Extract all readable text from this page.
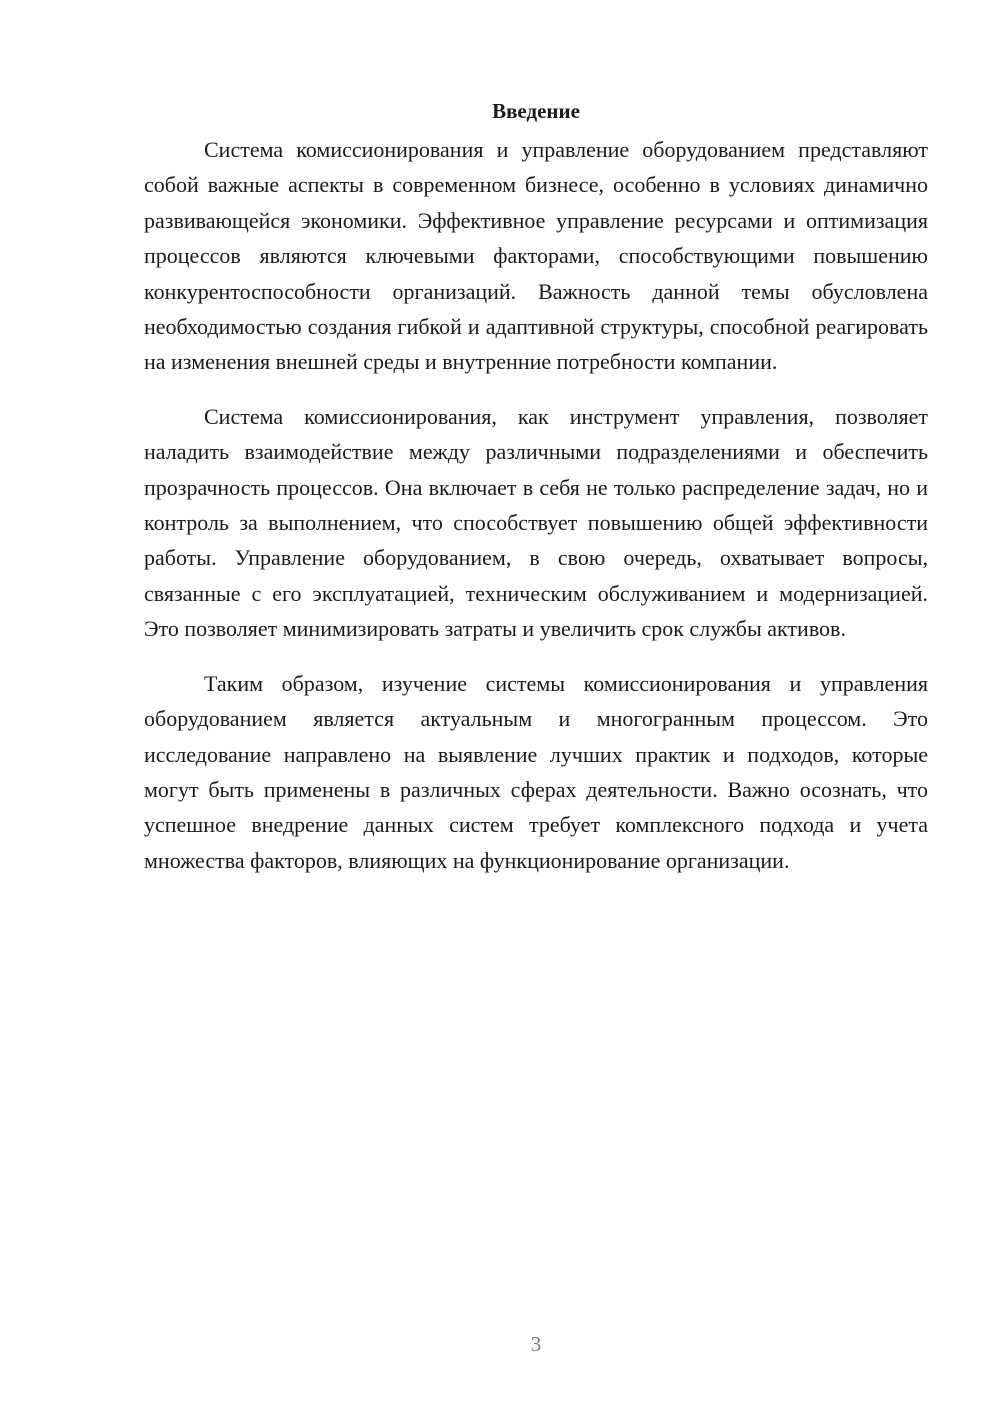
Введение

Система комиссионирования и управление оборудованием представляют собой важные аспекты в современном бизнесе, особенно в условиях динамично развивающейся экономики. Эффективное управление ресурсами и оптимизация процессов являются ключевыми факторами, способствующими повышению конкурентоспособности организаций. Важность данной темы обусловлена необходимостью создания гибкой и адаптивной структуры, способной реагировать на изменения внешней среды и внутренние потребности компании.

Система комиссионирования, как инструмент управления, позволяет наладить взаимодействие между различными подразделениями и обеспечить прозрачность процессов. Она включает в себя не только распределение задач, но и контроль за выполнением, что способствует повышению общей эффективности работы. Управление оборудованием, в свою очередь, охватывает вопросы, связанные с его эксплуатацией, техническим обслуживанием и модернизацией. Это позволяет минимизировать затраты и увеличить срок службы активов.

Таким образом, изучение системы комиссионирования и управления оборудованием является актуальным и многогранным процессом. Это исследование направлено на выявление лучших практик и подходов, которые могут быть применены в различных сферах деятельности. Важно осознать, что успешное внедрение данных систем требует комплексного подхода и учета множества факторов, влияющих на функционирование организации.

3
